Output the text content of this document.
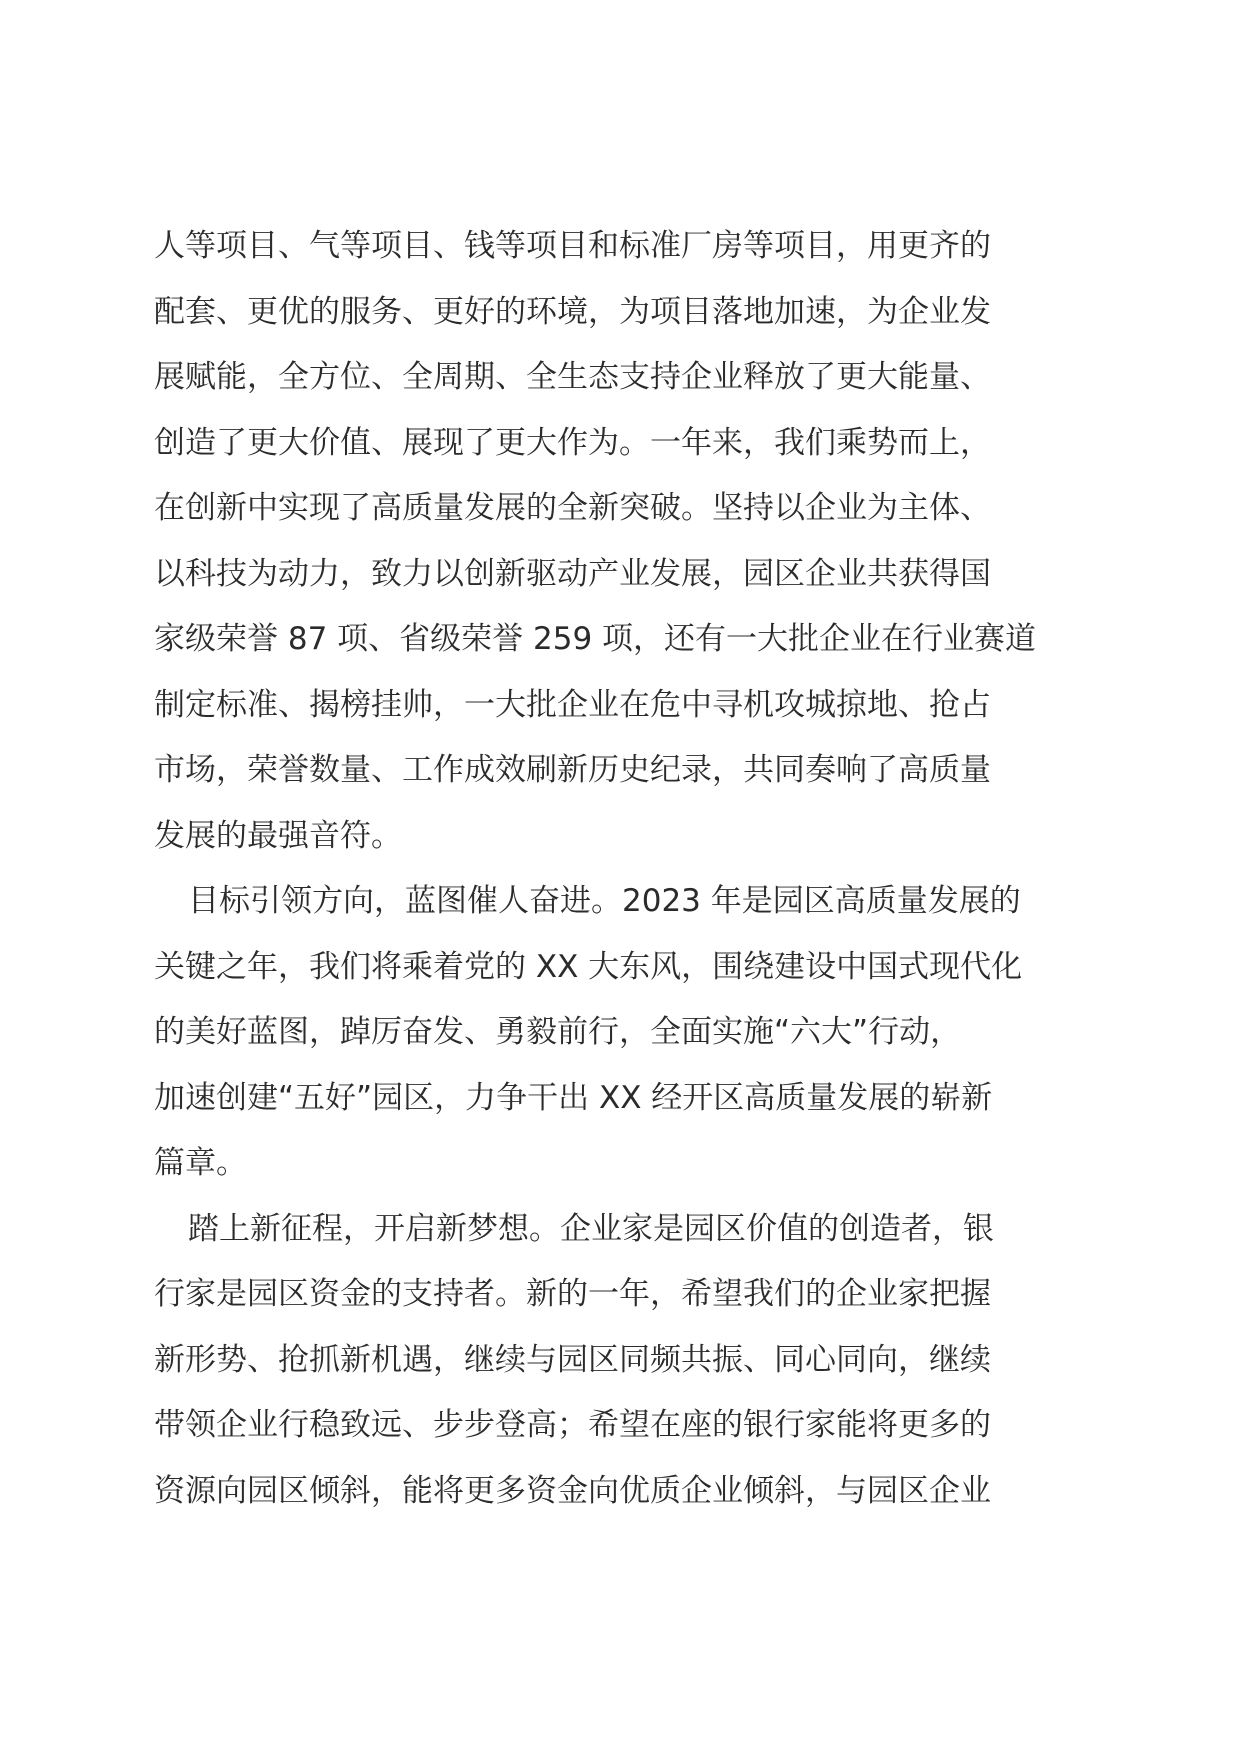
人等项目、气等项目、钱等项目和标准厂房等项目，用更齐的
配套、更优的服务、更好的环境，为项目落地加速，为企业发
展赋能，全方位、全周期、全生态支持企业释放了更大能量、
创造了更大价值、展现了更大作为。一年来，我们乘势而上，
在创新中实现了高质量发展的全新突破。坚持以企业为主体、
以科技为动力，致力以创新驱动产业发展，园区企业共获得国
家级荣誉 87 项、省级荣誉 259 项，还有一大批企业在行业赛道
制定标准、揭榜挂帅，一大批企业在危中寻机攻城掠地、抢占
市场，荣誉数量、工作成效刷新历史纪录，共同奏响了高质量
发展的最强音符。
目标引领方向，蓝图催人奋进。2023 年是园区高质量发展的
关键之年，我们将乘着党的 XX 大东风，围绕建设中国式现代化
的美好蓝图，踔厉奋发、勇毅前行，全面实施“六大”行动，
加速创建“五好”园区，力争干出 XX 经开区高质量发展的崭新
篇章。
踏上新征程，开启新梦想。企业家是园区价值的创造者，银
行家是园区资金的支持者。新的一年，希望我们的企业家把握
新形势、抢抓新机遇，继续与园区同频共振、同心同向，继续
带领企业行稳致远、步步登高；希望在座的银行家能将更多的
资源向园区倾斜，能将更多资金向优质企业倾斜，与园区企业
